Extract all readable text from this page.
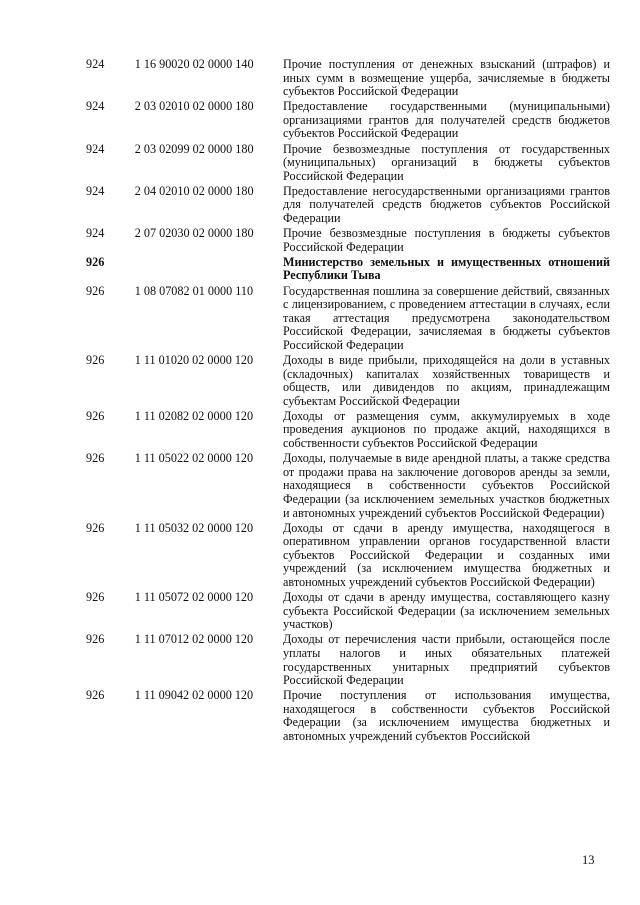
924	1 16 90020 02 0000 140	Прочие поступления от денежных взысканий (штрафов) и иных сумм в возмещение ущерба, зачисляемые в бюджеты субъектов Российской Федерации
924	2 03 02010 02 0000 180	Предоставление государственными (муниципальными) организациями грантов для получателей средств бюджетов субъектов Российской Федерации
924	2 03 02099 02 0000 180	Прочие безвозмездные поступления от государственных (муниципальных) организаций в бюджеты субъектов Российской Федерации
924	2 04 02010 02 0000 180	Предоставление негосударственными организациями грантов для получателей средств бюджетов субъектов Российской Федерации
924	2 07 02030 02 0000 180	Прочие безвозмездные поступления в бюджеты субъектов Российской Федерации
926		Министерство земельных и имущественных отношений Республики Тыва
926	1 08 07082 01 0000 110	Государственная пошлина за совершение действий, связанных с лицензированием, с проведением аттестации в случаях, если такая аттестация предусмотрена законодательством Российской Федерации, зачисляемая в бюджеты субъектов Российской Федерации
926	1 11 01020 02 0000 120	Доходы в виде прибыли, приходящейся на доли в уставных (складочных) капиталах хозяйственных товариществ и обществ, или дивидендов по акциям, принадлежащим субъектам Российской Федерации
926	1 11 02082 02 0000 120	Доходы от размещения сумм, аккумулируемых в ходе проведения аукционов по продаже акций, находящихся в собственности субъектов Российской Федерации
926	1 11 05022 02 0000 120	Доходы, получаемые в виде арендной платы, а также средства от продажи права на заключение договоров аренды за земли, находящиеся в собственности субъектов Российской Федерации (за исключением земельных участков бюджетных и автономных учреждений субъектов Российской Федерации)
926	1 11 05032 02 0000 120	Доходы от сдачи в аренду имущества, находящегося в оперативном управлении органов государственной власти субъектов Российской Федерации и созданных ими учреждений (за исключением имущества бюджетных и автономных учреждений субъектов Российской Федерации)
926	1 11 05072 02 0000 120	Доходы от сдачи в аренду имущества, составляющего казну субъекта Российской Федерации (за исключением земельных участков)
926	1 11 07012 02 0000 120	Доходы от перечисления части прибыли, остающейся после уплаты налогов и иных обязательных платежей государственных унитарных предприятий субъектов Российской Федерации
926	1 11 09042 02 0000 120	Прочие поступления от использования имущества, находящегося в собственности субъектов Российской Федерации (за исключением имущества бюджетных и автономных учреждений субъектов Российской
13
